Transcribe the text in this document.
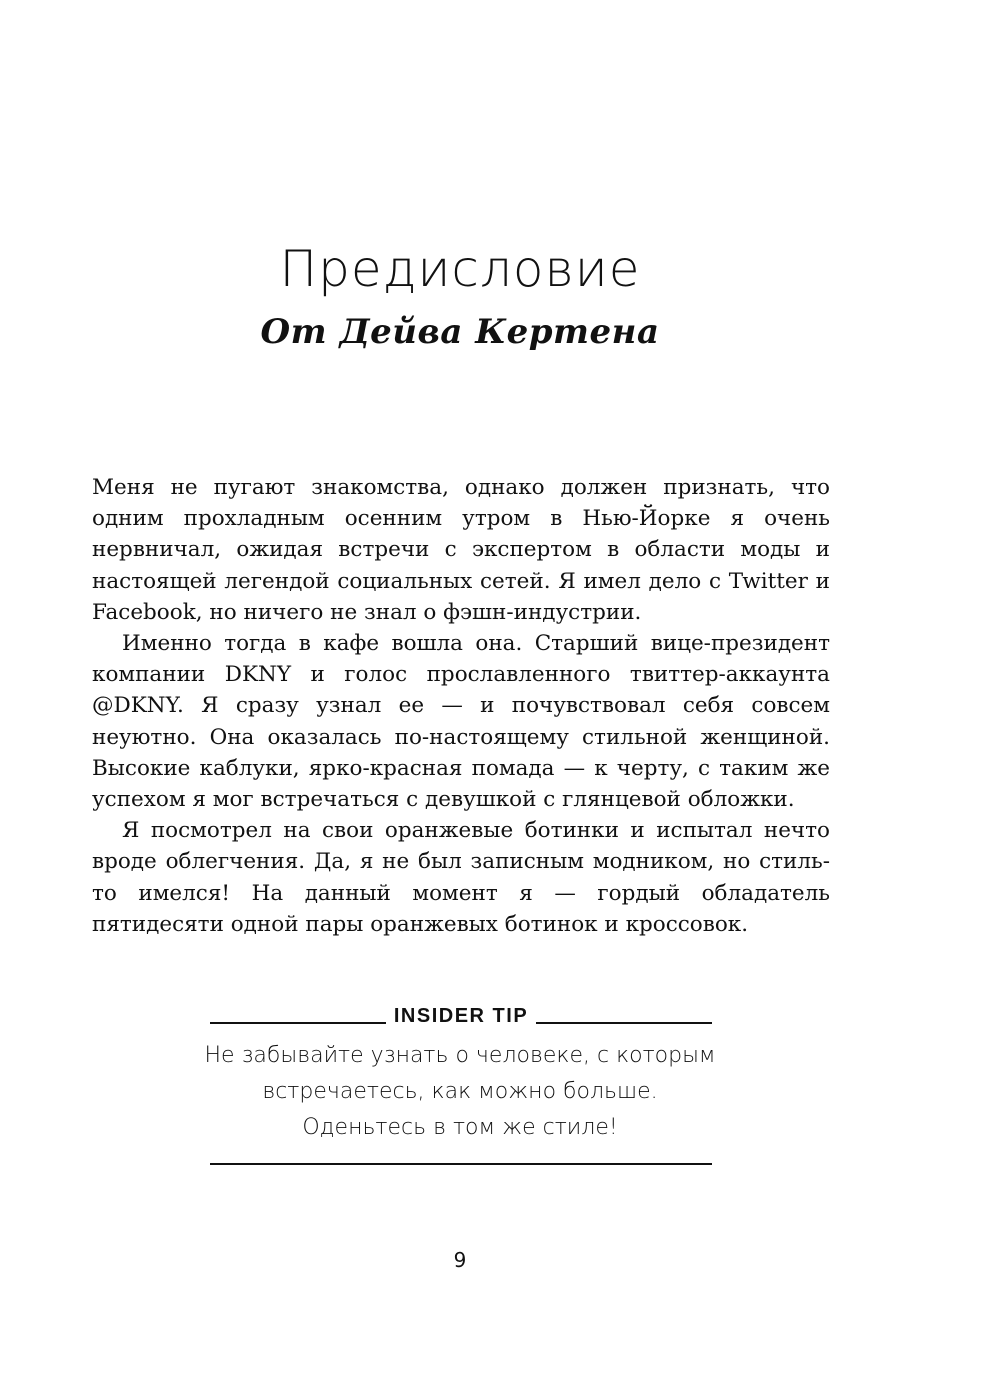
Предисловие
От Дейва Кертена

Меня не пугают знакомства, однако должен признать, что одним прохладным осенним утром в Нью-Йорке я очень нервничал, ожидая встречи с экспертом в области моды и настоящей легендой социальных сетей. Я имел дело с Twitter и Facebook, но ничего не знал о фэшн-индустрии.

Именно тогда в кафе вошла она. Старший вице-президент компании DKNY и голос прославленного твиттер-аккаунта @DKNY. Я сразу узнал ее — и почувствовал себя совсем неуютно. Она оказалась по-настоящему стильной женщиной. Высокие каблуки, ярко-красная помада — к черту, с таким же успехом я мог встречаться с девушкой с глянцевой обложки.

Я посмотрел на свои оранжевые ботинки и испытал нечто вроде облегчения. Да, я не был записным модником, но стиль-то имелся! На данный момент я — гордый обладатель пятидесяти одной пары оранжевых ботинок и кроссовок.

INSIDER TIP
Не забывайте узнать о человеке, с которым
встречаетесь, как можно больше.
Оденьтесь в том же стиле!
9
